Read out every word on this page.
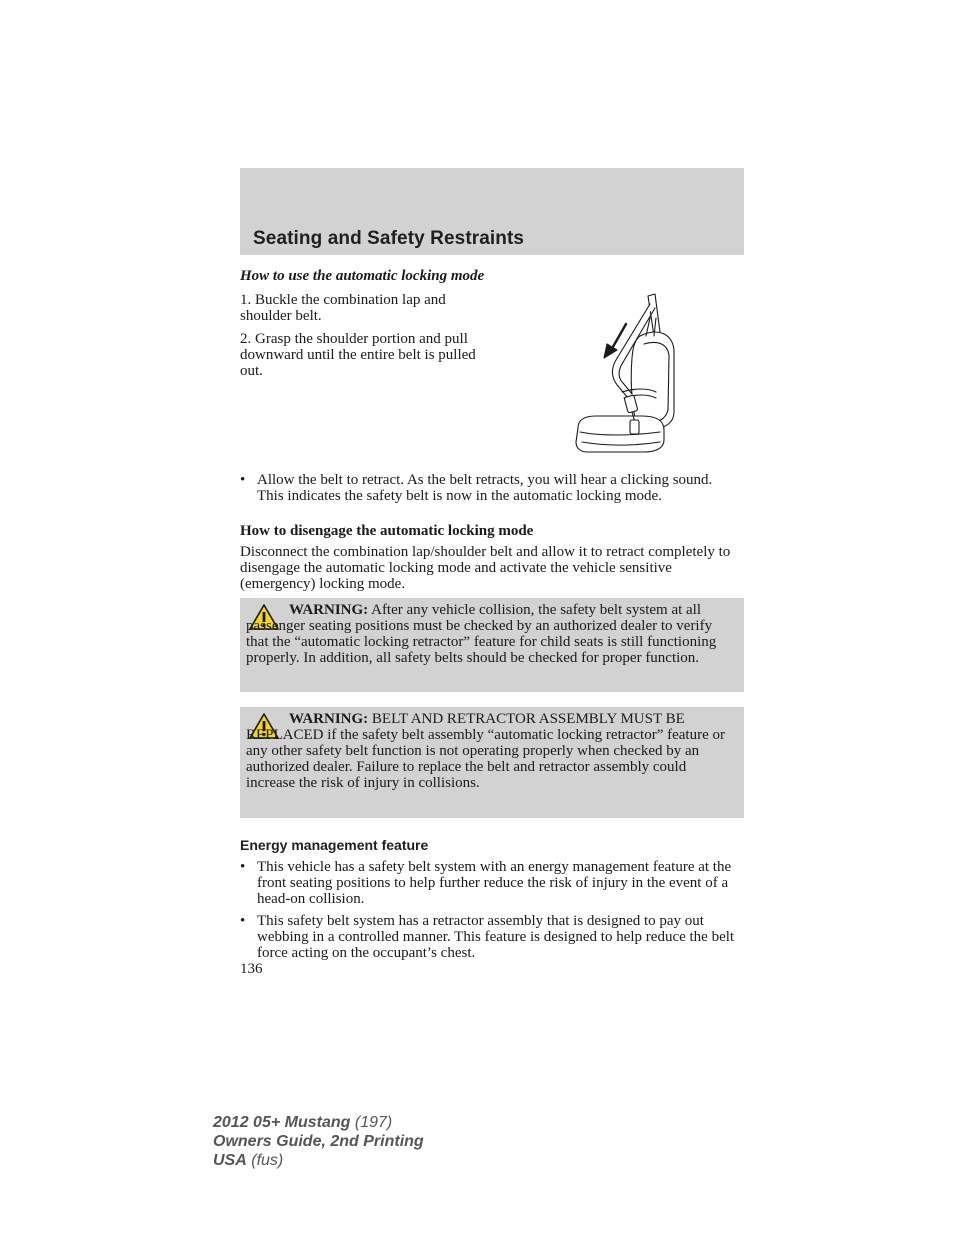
Seating and Safety Restraints
How to use the automatic locking mode

1. Buckle the combination lap and shoulder belt.

2. Grasp the shoulder portion and pull downward until the entire belt is pulled out.

• Allow the belt to retract. As the belt retracts, you will hear a clicking sound. This indicates the safety belt is now in the automatic locking mode.
How to disengage the automatic locking mode

Disconnect the combination lap/shoulder belt and allow it to retract completely to disengage the automatic locking mode and activate the vehicle sensitive (emergency) locking mode.

WARNING: After any vehicle collision, the safety belt system at all passenger seating positions must be checked by an authorized dealer to verify that the “automatic locking retractor” feature for child seats is still functioning properly. In addition, all safety belts should be checked for proper function.

WARNING: BELT AND RETRACTOR ASSEMBLY MUST BE REPLACED if the safety belt assembly “automatic locking retractor” feature or any other safety belt function is not operating properly when checked by an authorized dealer. Failure to replace the belt and retractor assembly could increase the risk of injury in collisions.

Energy management feature
• This vehicle has a safety belt system with an energy management feature at the front seating positions to help further reduce the risk of injury in the event of a head-on collision.
• This safety belt system has a retractor assembly that is designed to pay out webbing in a controlled manner. This feature is designed to help reduce the belt force acting on the occupant’s chest.
136
2012 05+ Mustang (197)
Owners Guide, 2nd Printing
USA (fus)
